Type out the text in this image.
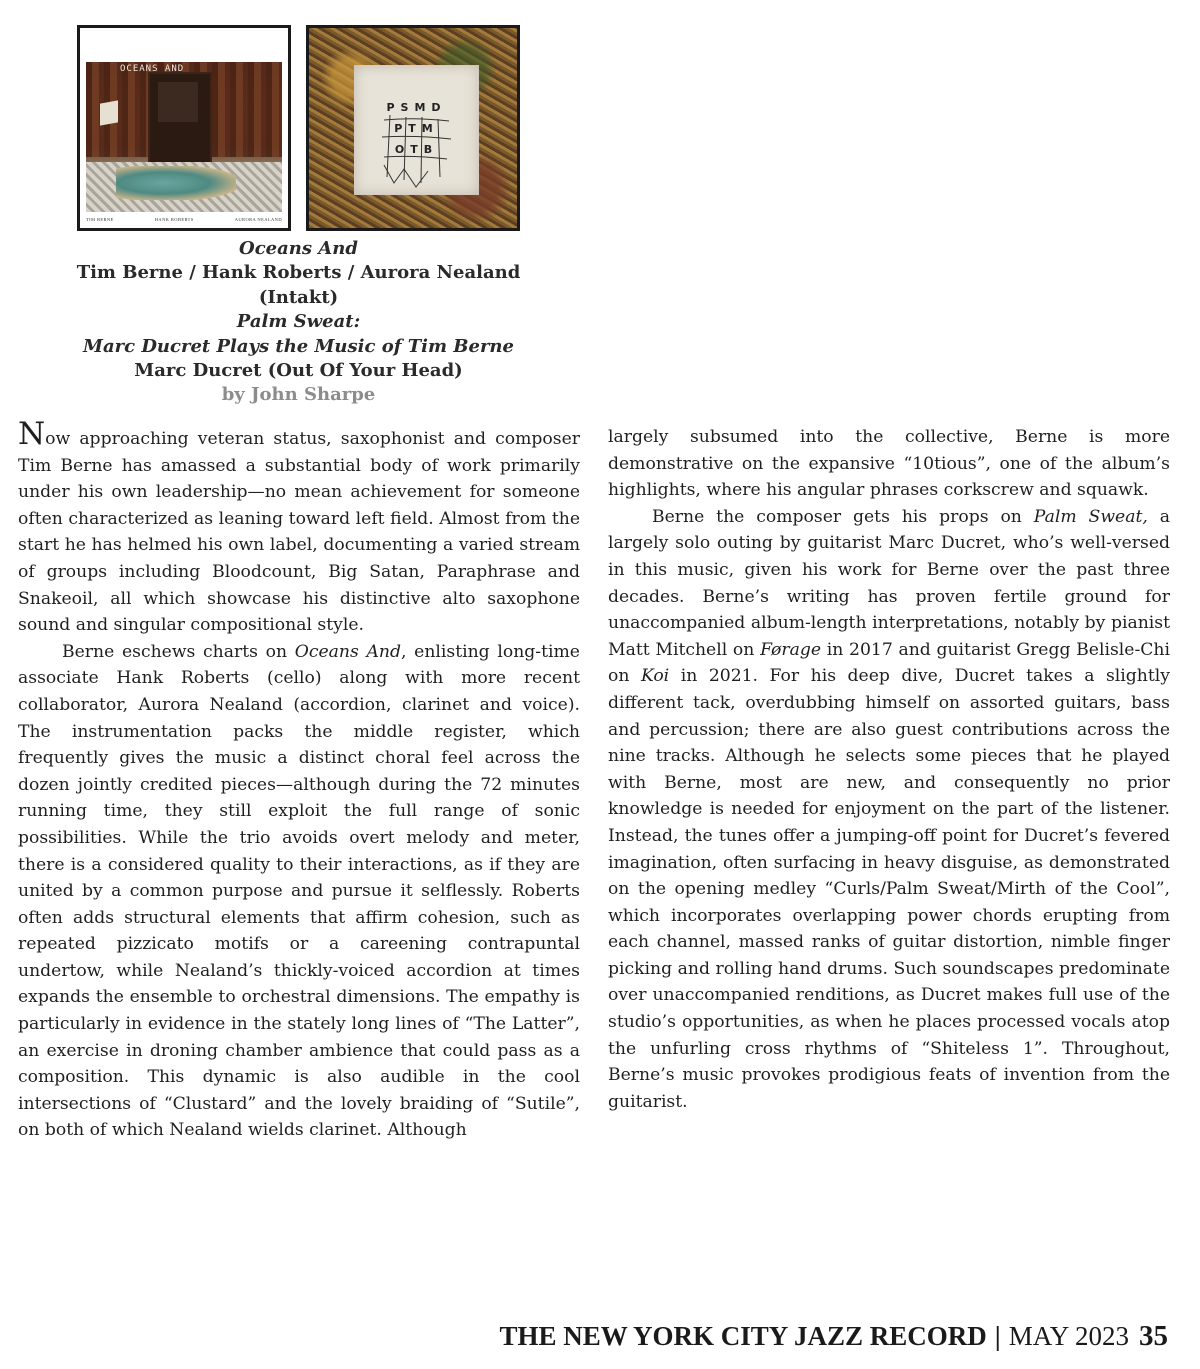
OCEANS AND
TIM BERNE	HANK ROBERTS	AURORA NEALAND
PSMD
PTM
OTB
Oceans And
Tim Berne / Hank Roberts / Aurora Nealand
(Intakt)
Palm Sweat:
Marc Ducret Plays the Music of Tim Berne
Marc Ducret (Out Of Your Head)
by John Sharpe

Now approaching veteran status, saxophonist and composer Tim Berne has amassed a substantial body of work primarily under his own leadership—no mean achievement for someone often characterized as leaning toward left field. Almost from the start he has helmed his own label, documenting a varied stream of groups including Bloodcount, Big Satan, Paraphrase and Snakeoil, all which showcase his distinctive alto saxophone sound and singular compositional style.

Berne eschews charts on Oceans And, enlisting long-time associate Hank Roberts (cello) along with more recent collaborator, Aurora Nealand (accordion, clarinet and voice). The instrumentation packs the middle register, which frequently gives the music a distinct choral feel across the dozen jointly credited pieces—although during the 72 minutes running time, they still exploit the full range of sonic possibilities. While the trio avoids overt melody and meter, there is a considered quality to their interactions, as if they are united by a common purpose and pursue it selflessly. Roberts often adds structural elements that affirm cohesion, such as repeated pizzicato motifs or a careening contrapuntal undertow, while Nealand’s thickly-voiced accordion at times expands the ensemble to orchestral dimensions. The empathy is particularly in evidence in the stately long lines of “The Latter”, an exercise in droning chamber ambience that could pass as a composition. This dynamic is also audible in the cool intersections of “Clustard” and the lovely braiding of “Sutile”, on both of which Nealand wields clarinet. Although

largely subsumed into the collective, Berne is more demonstrative on the expansive “10tious”, one of the album’s highlights, where his angular phrases corkscrew and squawk.

Berne the composer gets his props on Palm Sweat, a largely solo outing by guitarist Marc Ducret, who’s well-versed in this music, given his work for Berne over the past three decades. Berne’s writing has proven fertile ground for unaccompanied album-length interpretations, notably by pianist Matt Mitchell on Førage in 2017 and guitarist Gregg Belisle-Chi on Koi in 2021. For his deep dive, Ducret takes a slightly different tack, overdubbing himself on assorted guitars, bass and percussion; there are also guest contributions across the nine tracks. Although he selects some pieces that he played with Berne, most are new, and consequently no prior knowledge is needed for enjoyment on the part of the listener. Instead, the tunes offer a jumping-off point for Ducret’s fevered imagination, often surfacing in heavy disguise, as demonstrated on the opening medley “Curls/Palm Sweat/Mirth of the Cool”, which incorporates overlapping power chords erupting from each channel, massed ranks of guitar distortion, nimble finger picking and rolling hand drums. Such soundscapes predominate over unaccompanied renditions, as Ducret makes full use of the studio’s opportunities, as when he places processed vocals atop the unfurling cross rhythms of “Shiteless 1”. Throughout, Berne’s music provokes prodigious feats of invention from the guitarist.

THE NEW YORK CITY JAZZ RECORD | MAY 2023 35
